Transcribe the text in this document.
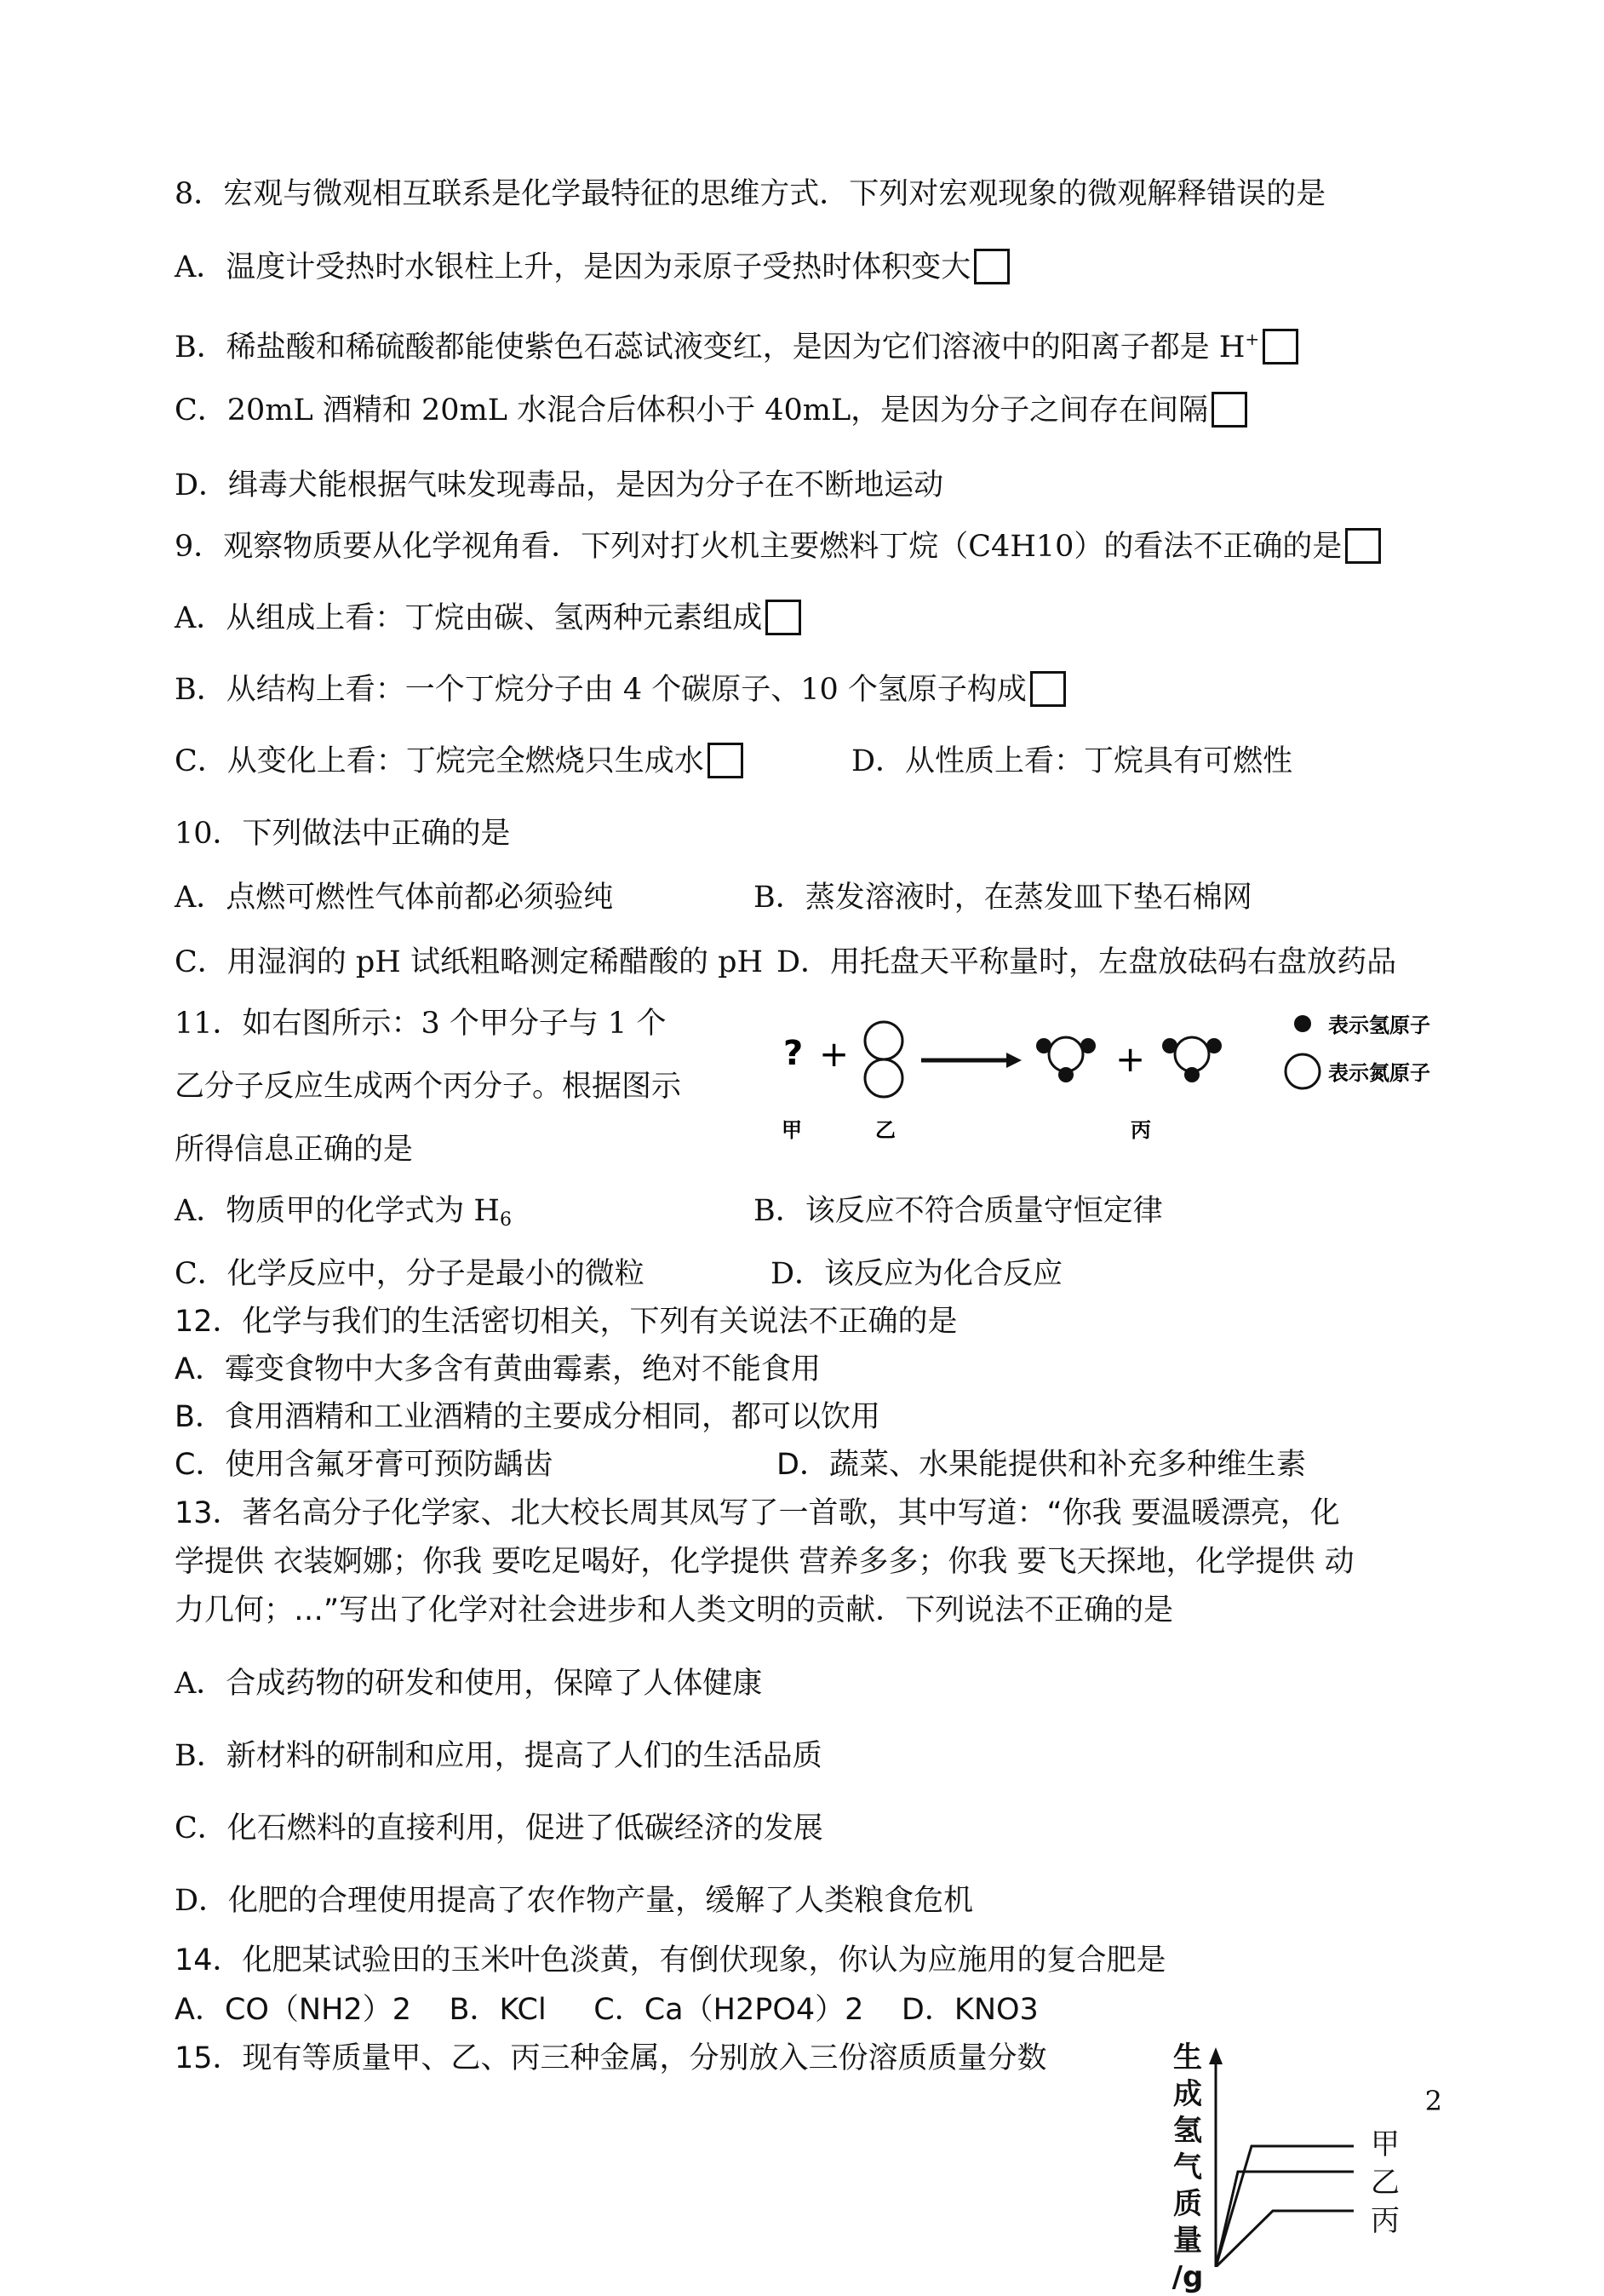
8．宏观与微观相互联系是化学最特征的思维方式．下列对宏观现象的微观解释错误的是
A．温度计受热时水银柱上升，是因为汞原子受热时体积变大
B．稀盐酸和稀硫酸都能使紫色石蕊试液变红，是因为它们溶液中的阳离子都是 H+
C．20mL 酒精和 20mL 水混合后体积小于 40mL，是因为分子之间存在间隔
D．缉毒犬能根据气味发现毒品，是因为分子在不断地运动
9．观察物质要从化学视角看．下列对打火机主要燃料丁烷（C4H10）的看法不正确的是
A．从组成上看：丁烷由碳、氢两种元素组成
B．从结构上看：一个丁烷分子由 4 个碳原子、10 个氢原子构成
C．从变化上看：丁烷完全燃烧只生成水	D．从性质上看：丁烷具有可燃性
10．下列做法中正确的是
A．点燃可燃性气体前都必须验纯	B．蒸发溶液时，在蒸发皿下垫石棉网
C．用湿润的 pH 试纸粗略测定稀醋酸的 pH D．用托盘天平称量时，左盘放砝码右盘放药品
11．如右图所示：3 个甲分子与 1 个
乙分子反应生成两个丙分子。根据图示
所得信息正确的是
? +	+
表示氢原子
表示氮原子
甲	乙	丙
A．物质甲的化学式为 $H_6$	B．该反应不符合质量守恒定律
C．化学反应中，分子是最小的微粒	D．该反应为化合反应
12．化学与我们的生活密切相关，下列有关说法不正确的是
A．霉变食物中大多含有黄曲霉素，绝对不能食用
B．食用酒精和工业酒精的主要成分相同，都可以饮用
C．使用含氟牙膏可预防龋齿	D．蔬菜、水果能提供和补充多种维生素
13．著名高分子化学家、北大校长周其凤写了一首歌，其中写道：“你我 要温暖漂亮，化
学提供 衣装婀娜；你我 要吃足喝好，化学提供 营养多多；你我 要飞天探地，化学提供 动
力几何；…”写出了化学对社会进步和人类文明的贡献．下列说法不正确的是
A．合成药物的研发和使用，保障了人体健康
B．新材料的研制和应用，提高了人们的生活品质
C．化石燃料的直接利用，促进了低碳经济的发展
D．化肥的合理使用提高了农作物产量，缓解了人类粮食危机
14．化肥某试验田的玉米叶色淡黄，有倒伏现象，你认为应施用的复合肥是
A．CO（NH2）2    B．KCl     C．Ca（H2PO4）2    D．KNO3
15．现有等质量甲、乙、丙三种金属，分别放入三份溶质质量分数	生
成
氢
气
质
量
/g
甲
乙
丙
2
